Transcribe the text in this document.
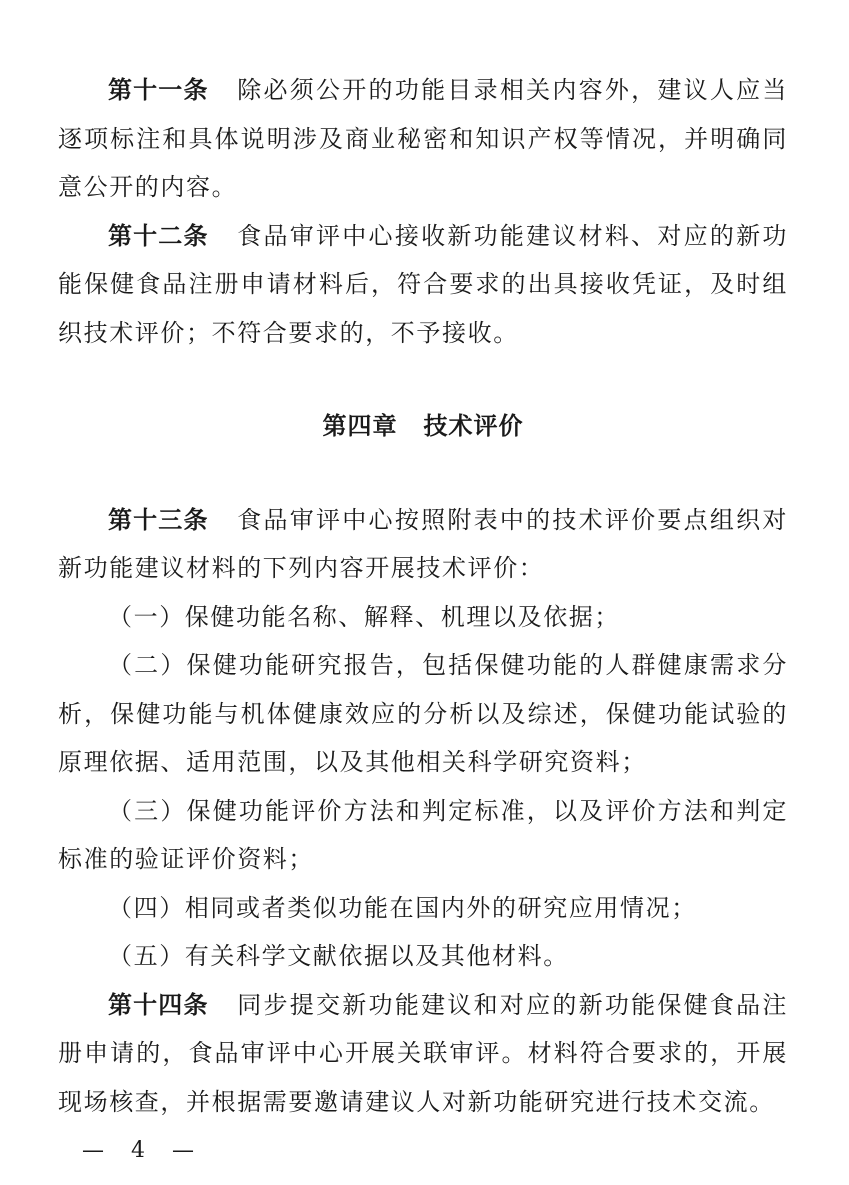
第十一条 除必须公开的功能目录相关内容外，建议人应当逐项标注和具体说明涉及商业秘密和知识产权等情况，并明确同意公开的内容。

第十二条 食品审评中心接收新功能建议材料、对应的新功能保健食品注册申请材料后，符合要求的出具接收凭证，及时组织技术评价；不符合要求的，不予接收。

第四章 技术评价

第十三条 食品审评中心按照附表中的技术评价要点组织对新功能建议材料的下列内容开展技术评价：

（一）保健功能名称、解释、机理以及依据；

（二）保健功能研究报告，包括保健功能的人群健康需求分析，保健功能与机体健康效应的分析以及综述，保健功能试验的原理依据、适用范围，以及其他相关科学研究资料；

（三）保健功能评价方法和判定标准，以及评价方法和判定标准的验证评价资料；

（四）相同或者类似功能在国内外的研究应用情况；

（五）有关科学文献依据以及其他材料。

第十四条 同步提交新功能建议和对应的新功能保健食品注册申请的，食品审评中心开展关联审评。材料符合要求的，开展现场核查，并根据需要邀请建议人对新功能研究进行技术交流。

— 4 —
